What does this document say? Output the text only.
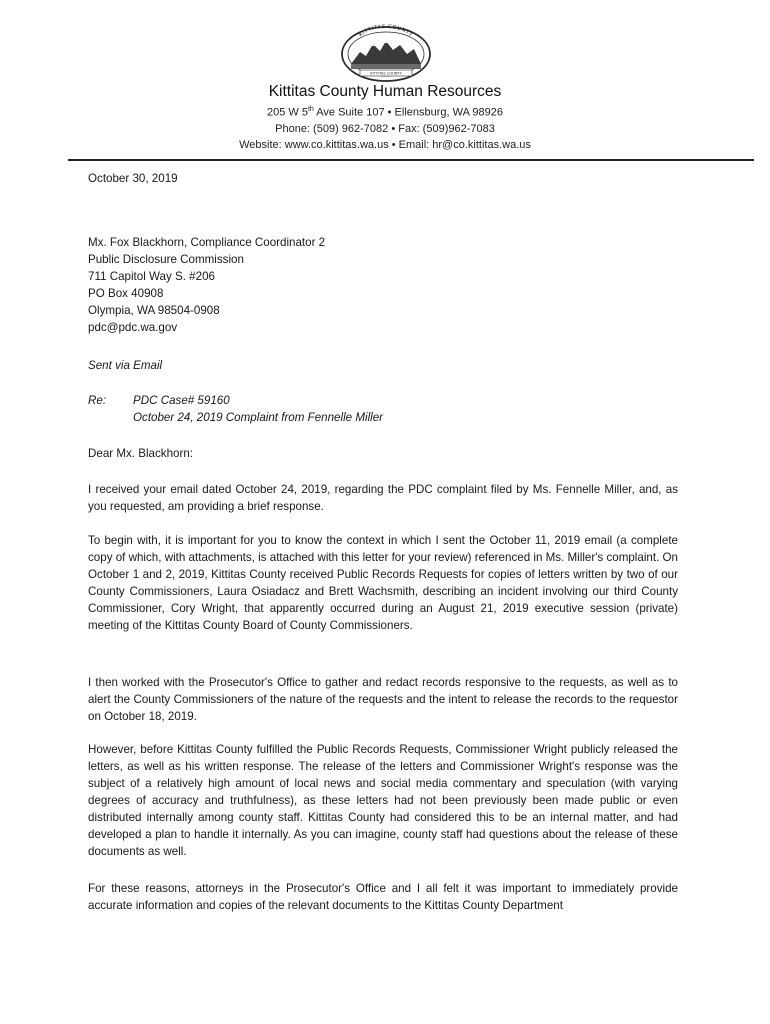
KITTITAS COUNTY
KITTITAS COUNTY
Kittitas County Human Resources
205 W 5th Ave Suite 107 • Ellensburg, WA 98926
Phone: (509) 962-7082 • Fax: (509)962-7083
Website: www.co.kittitas.wa.us • Email: hr@co.kittitas.wa.us
October 30, 2019
Mx. Fox Blackhorn, Compliance Coordinator 2
Public Disclosure Commission
711 Capitol Way S. #206
PO Box 40908
Olympia, WA 98504-0908
pdc@pdc.wa.gov
Sent via Email
Re: PDC Case# 59160
October 24, 2019 Complaint from Fennelle Miller
Dear Mx. Blackhorn:

I received your email dated October 24, 2019, regarding the PDC complaint filed by Ms. Fennelle Miller, and, as you requested, am providing a brief response.

To begin with, it is important for you to know the context in which I sent the October 11, 2019 email (a complete copy of which, with attachments, is attached with this letter for your review) referenced in Ms. Miller's complaint. On October 1 and 2, 2019, Kittitas County received Public Records Requests for copies of letters written by two of our County Commissioners, Laura Osiadacz and Brett Wachsmith, describing an incident involving our third County Commissioner, Cory Wright, that apparently occurred during an August 21, 2019 executive session (private) meeting of the Kittitas County Board of County Commissioners.

I then worked with the Prosecutor's Office to gather and redact records responsive to the requests, as well as to alert the County Commissioners of the nature of the requests and the intent to release the records to the requestor on October 18, 2019.

However, before Kittitas County fulfilled the Public Records Requests, Commissioner Wright publicly released the letters, as well as his written response. The release of the letters and Commissioner Wright's response was the subject of a relatively high amount of local news and social media commentary and speculation (with varying degrees of accuracy and truthfulness), as these letters had not been previously been made public or even distributed internally among county staff. Kittitas County had considered this to be an internal matter, and had developed a plan to handle it internally. As you can imagine, county staff had questions about the release of these documents as well.

For these reasons, attorneys in the Prosecutor's Office and I all felt it was important to immediately provide accurate information and copies of the relevant documents to the Kittitas County Department
